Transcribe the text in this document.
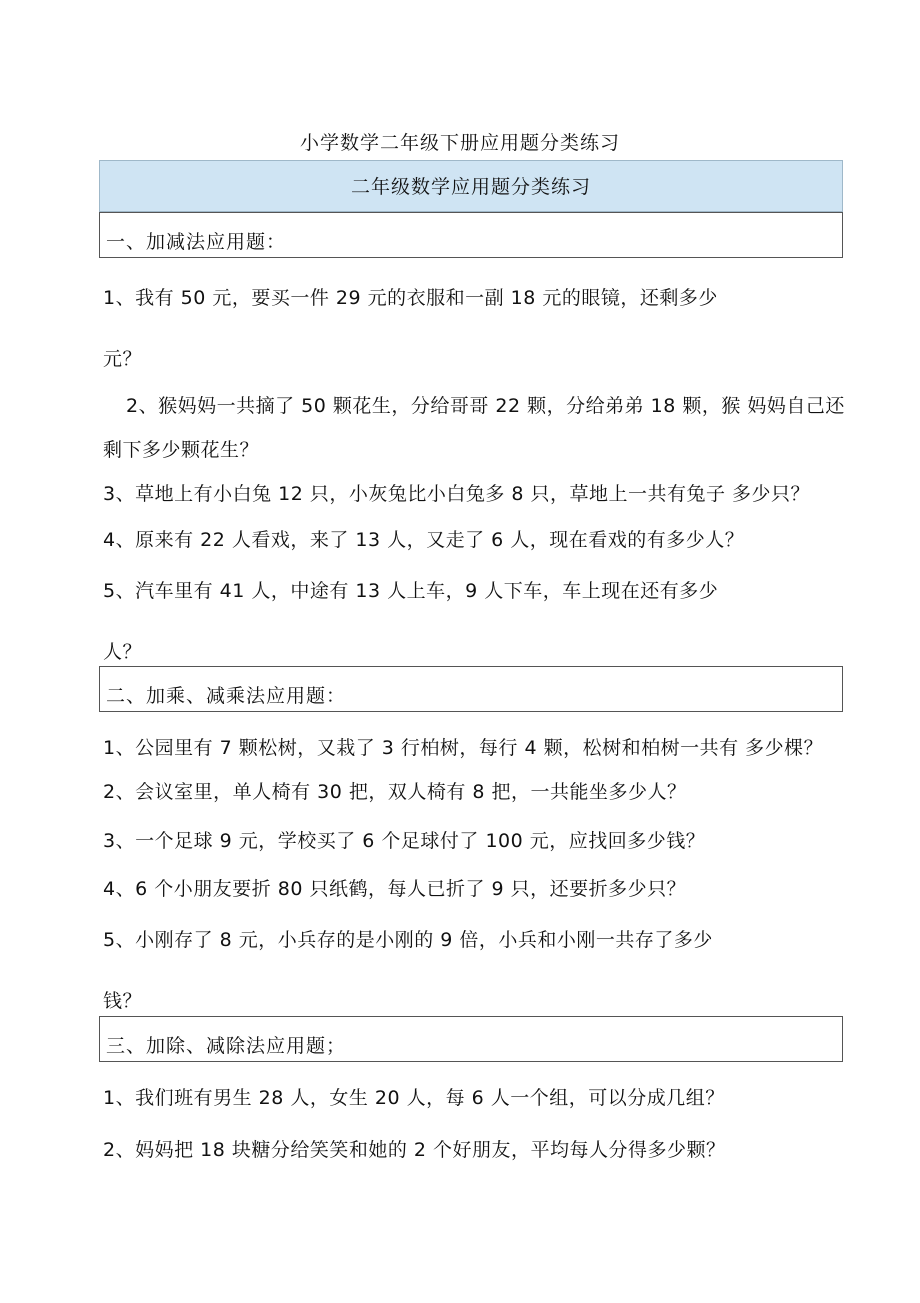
小学数学二年级下册应用题分类练习
二年级数学应用题分类练习
一、加减法应用题：
1、我有 50 元，要买一件 29 元的衣服和一副 18 元的眼镜，还剩多少
元？
2、猴妈妈一共摘了 50 颗花生，分给哥哥 22 颗，分给弟弟 18 颗，猴 妈妈自己还
剩下多少颗花生？
3、草地上有小白兔 12 只，小灰兔比小白兔多 8 只，草地上一共有兔子 多少只？
4、原来有 22 人看戏，来了 13 人，又走了 6 人，现在看戏的有多少人？
5、汽车里有 41 人，中途有 13 人上车，9 人下车，车上现在还有多少
人？
二、加乘、减乘法应用题：
1、公园里有 7 颗松树，又栽了 3 行柏树，每行 4 颗，松树和柏树一共有 多少棵？
2、会议室里，单人椅有 30 把，双人椅有 8 把，一共能坐多少人？
3、一个足球 9 元，学校买了 6 个足球付了 100 元，应找回多少钱？
4、6 个小朋友要折 80 只纸鹤，每人已折了 9 只，还要折多少只？
5、小刚存了 8 元，小兵存的是小刚的 9 倍，小兵和小刚一共存了多少
钱？
三、加除、减除法应用题；
1、我们班有男生 28 人，女生 20 人，每 6 人一个组，可以分成几组？
2、妈妈把 18 块糖分给笑笑和她的 2 个好朋友，平均每人分得多少颗？
